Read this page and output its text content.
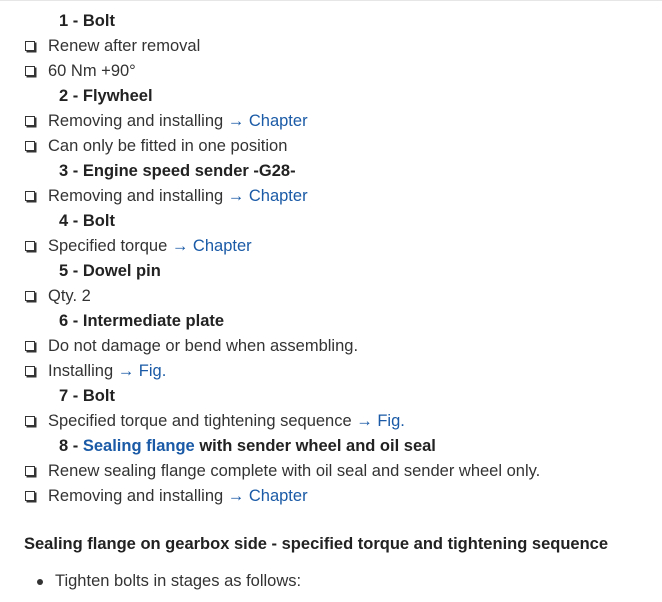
1 - Bolt
Renew after removal
60 Nm +90°
2 - Flywheel
Removing and installing → Chapter
Can only be fitted in one position
3 - Engine speed sender -G28-
Removing and installing → Chapter
4 - Bolt
Specified torque → Chapter
5 - Dowel pin
Qty. 2
6 - Intermediate plate
Do not damage or bend when assembling.
Installing → Fig.
7 - Bolt
Specified torque and tightening sequence → Fig.
8 - Sealing flange with sender wheel and oil seal
Renew sealing flange complete with oil seal and sender wheel only.
Removing and installing → Chapter
Sealing flange on gearbox side - specified torque and tightening sequence
Tighten bolts in stages as follows:
